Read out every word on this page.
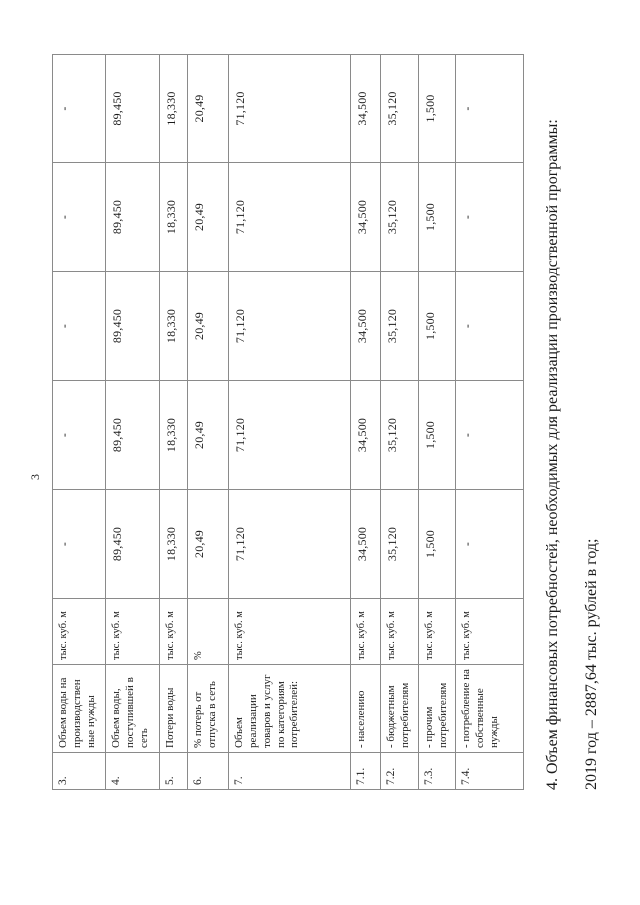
3
3.	Объем воды на производствен ные нужды	тыс. куб. м	-	-	-	-	-
4.	Объем воды, поступившей в сеть	тыс. куб. м	89,450	89,450	89,450	89,450	89,450
5.	Потери воды	тыс. куб. м	18,330	18,330	18,330	18,330	18,330
6.	% потерь от отпуска в сеть	%	20,49	20,49	20,49	20,49	20,49
7.	Объем реализации товаров и услуг по категориям потребителей:	тыс. куб. м	71,120	71,120	71,120	71,120	71,120
7.1.	- населению	тыс. куб. м	34,500	34,500	34,500	34,500	34,500
7.2.	- бюджетным потребителям	тыс. куб. м	35,120	35,120	35,120	35,120	35,120
7.3.	- прочим потребителям	тыс. куб. м	1,500	1,500	1,500	1,500	1,500
7.4.	- потребление на собственные нужды	тыс. куб. м	-	-	-	-	-
4. Объем финансовых потребностей, необходимых для реализации производственной программы: 2019 год – 2887,64 тыс. рублей в год;
